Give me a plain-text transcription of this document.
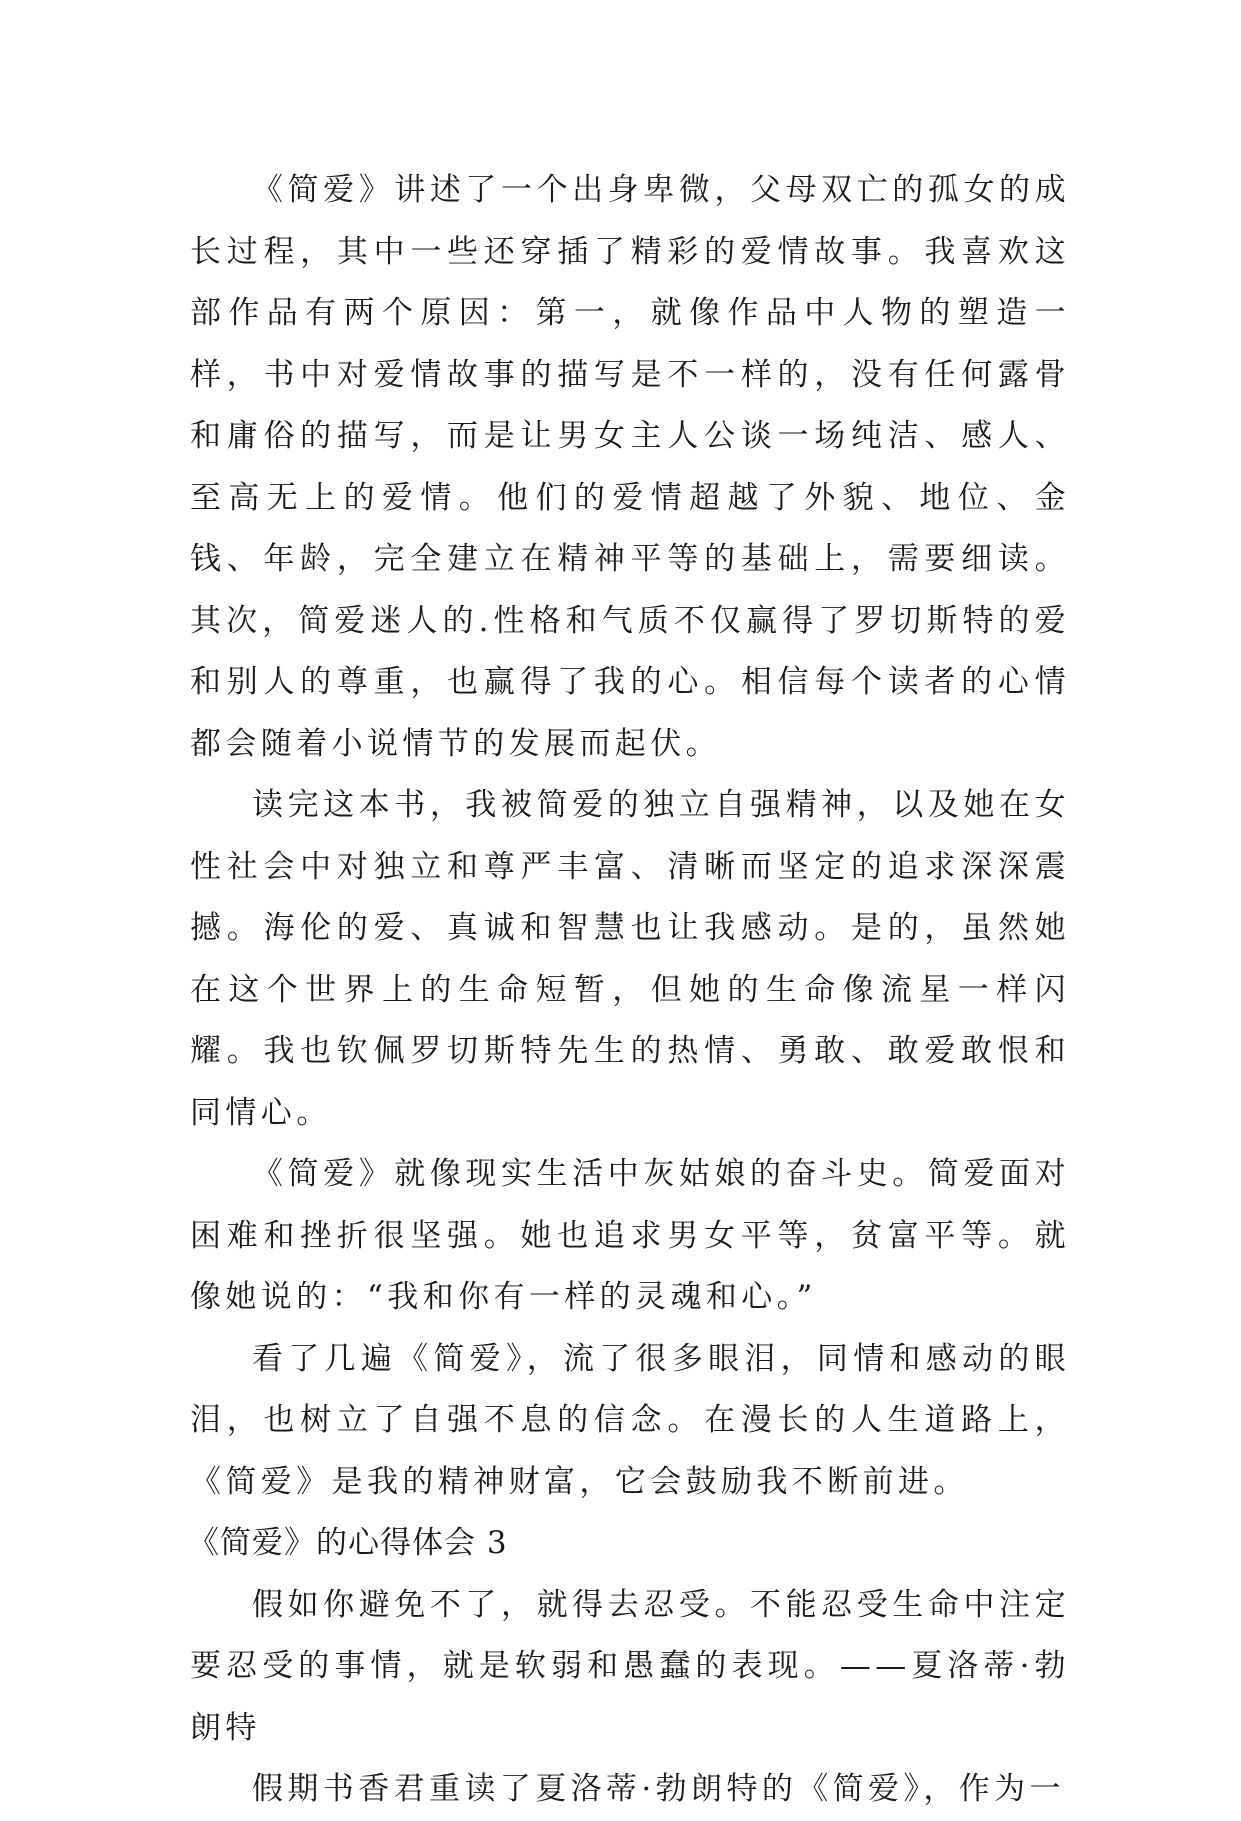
《简爱》讲述了一个出身卑微，父母双亡的孤女的成长过程，其中一些还穿插了精彩的爱情故事。我喜欢这部作品有两个原因：第一，就像作品中人物的塑造一样，书中对爱情故事的描写是不一样的，没有任何露骨和庸俗的描写，而是让男女主人公谈一场纯洁、感人、至高无上的爱情。他们的爱情超越了外貌、地位、金钱、年龄，完全建立在精神平等的基础上，需要细读。其次，简爱迷人的.性格和气质不仅赢得了罗切斯特的爱和别人的尊重，也赢得了我的心。相信每个读者的心情都会随着小说情节的发展而起伏。

读完这本书，我被简爱的独立自强精神，以及她在女性社会中对独立和尊严丰富、清晰而坚定的追求深深震撼。海伦的爱、真诚和智慧也让我感动。是的，虽然她在这个世界上的生命短暂，但她的生命像流星一样闪耀。我也钦佩罗切斯特先生的热情、勇敢、敢爱敢恨和同情心。

《简爱》就像现实生活中灰姑娘的奋斗史。简爱面对困难和挫折很坚强。她也追求男女平等，贫富平等。就像她说的：“我和你有一样的灵魂和心。”

看了几遍《简爱》，流了很多眼泪，同情和感动的眼泪，也树立了自强不息的信念。在漫长的人生道路上，《简爱》是我的精神财富，它会鼓励我不断前进。

《简爱》的心得体会 3

假如你避免不了，就得去忍受。不能忍受生命中注定要忍受的事情，就是软弱和愚蠢的表现。——夏洛蒂·勃朗特

假期书香君重读了夏洛蒂·勃朗特的《简爱》，作为一
